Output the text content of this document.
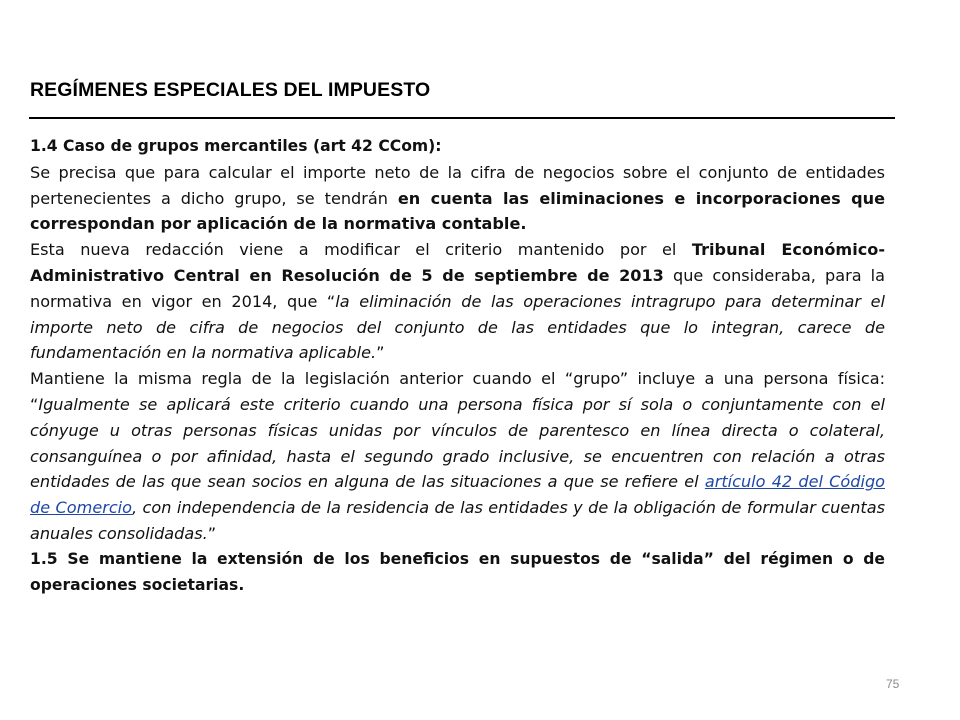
REGÍMENES ESPECIALES DEL IMPUESTO

1.4 Caso de grupos mercantiles (art 42 CCom):

Se precisa que para calcular el importe neto de la cifra de negocios sobre el conjunto de entidades pertenecientes a dicho grupo, se tendrán en cuenta las eliminaciones e incorporaciones que correspondan por aplicación de la normativa contable.

Esta nueva redacción viene a modificar el criterio mantenido por el Tribunal Económico-Administrativo Central en Resolución de 5 de septiembre de 2013 que consideraba, para la normativa en vigor en 2014, que “la eliminación de las operaciones intragrupo para determinar el importe neto de cifra de negocios del conjunto de las entidades que lo integran, carece de fundamentación en la normativa aplicable.”

Mantiene la misma regla de la legislación anterior cuando el “grupo” incluye a una persona física: “Igualmente se aplicará este criterio cuando una persona física por sí sola o conjuntamente con el cónyuge u otras personas físicas unidas por vínculos de parentesco en línea directa o colateral, consanguínea o por afinidad, hasta el segundo grado inclusive, se encuentren con relación a otras entidades de las que sean socios en alguna de las situaciones a que se refiere el artículo 42 del Código de Comercio, con independencia de la residencia de las entidades y de la obligación de formular cuentas anuales consolidadas.”

1.5 Se mantiene la extensión de los beneficios en supuestos de “salida” del régimen o de operaciones societarias.

75
